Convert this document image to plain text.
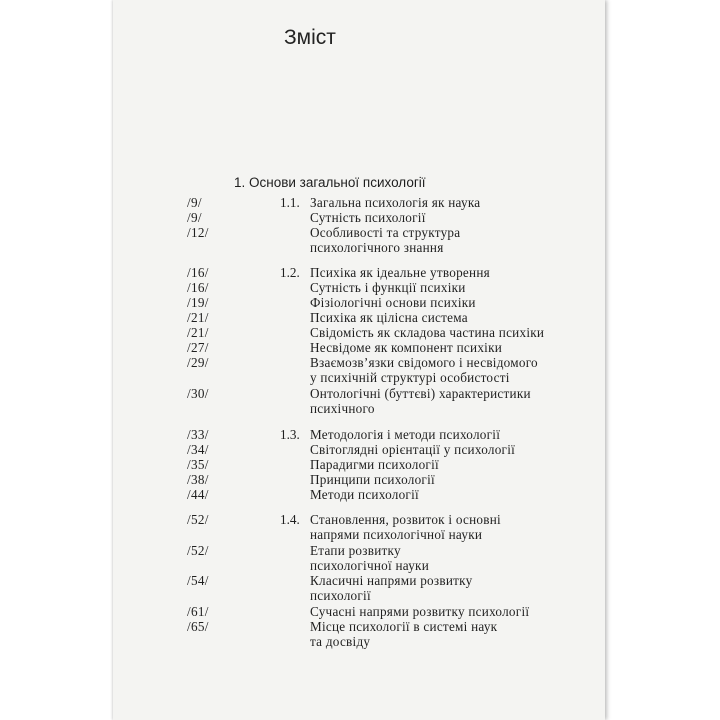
Зміст
1. Основи загальної психології
/9/	1.1. Загальна психологія як наука
/9/	Сутність психології
/12/	Особливості та структура
психологічного знання
/16/	1.2. Психіка як ідеальне утворення
/16/	Сутність і функції психіки
/19/	Фізіологічні основи психіки
/21/	Психіка як цілісна система
/21/	Свідомість як складова частина психіки
/27/	Несвідоме як компонент психіки
/29/	Взаємозв’язки свідомого і несвідомого
у психічній структурі особистості
/30/	Онтологічні (буттєві) характеристики
психічного
/33/	1.3. Методологія і методи психології
/34/	Світоглядні орієнтації у психології
/35/	Парадигми психології
/38/	Принципи психології
/44/	Методи психології
/52/	1.4. Становлення, розвиток і основні
напрями психологічної науки
/52/	Етапи розвитку
психологічної науки
/54/	Класичні напрями розвитку
психології
/61/	Сучасні напрями розвитку психології
/65/	Місце психології в системі наук
та досвіду
